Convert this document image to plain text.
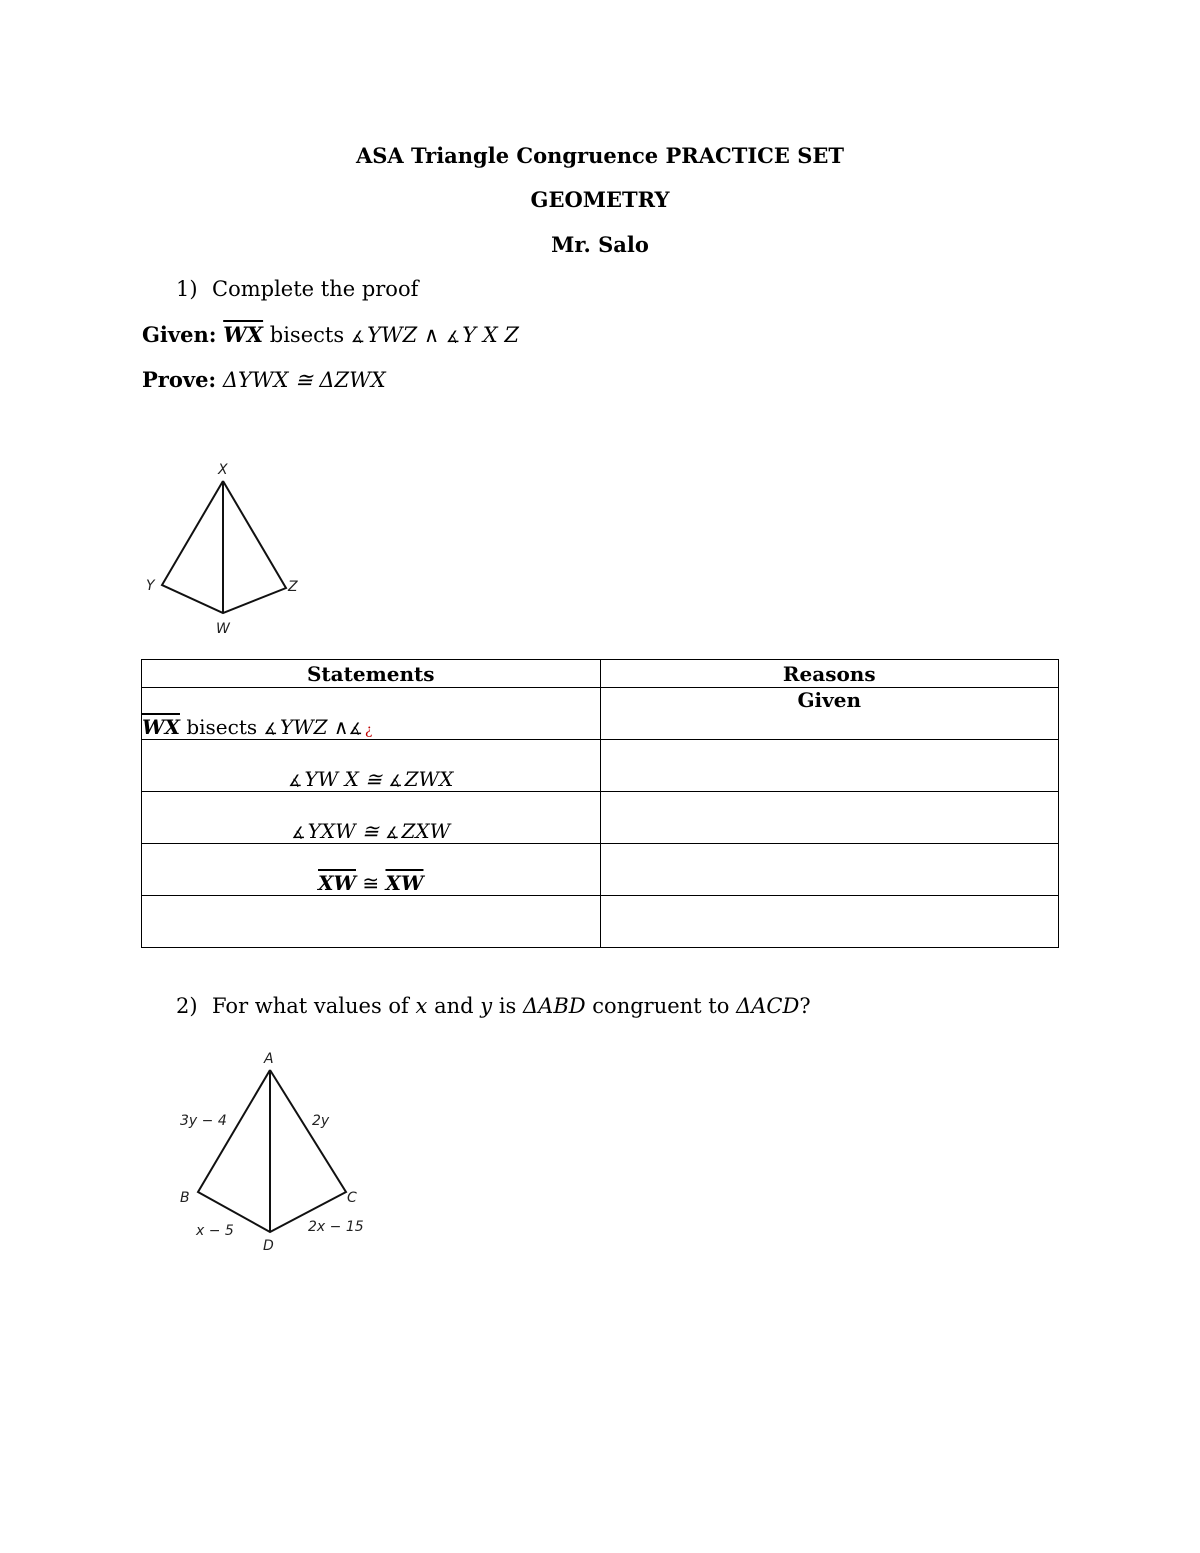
ASA Triangle Congruence PRACTICE SET
GEOMETRY
Mr. Salo
1) Complete the proof
Given: $\overline{WX}$ bisects ∡YWZ ∧ ∡Y X Z
Prove: ΔYWX ≅ ΔZWX
X
Y	Z
W
Statements	Reasons
$\overline{WX}$ bisects ∡ YWZ ∧∡ ¿	Given
∡ YW X ≅ ∡ ZWX	
∡ YXW ≅ ∡ ZXW	
$\overline{XW}$ ≅ $\overline{XW}$	

2) For what values of x and y is ΔABD congruent to ΔACD?
A
B	C
D
3y − 4	2y
x − 5	2x − 15
